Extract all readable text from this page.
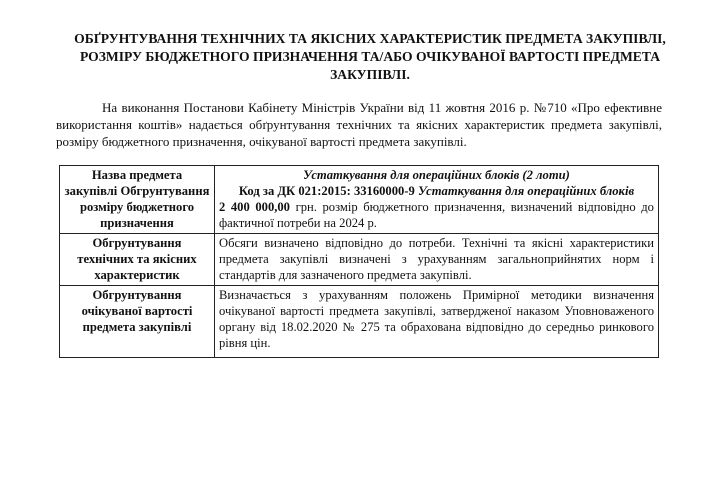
ОБҐРУНТУВАННЯ ТЕХНІЧНИХ ТА ЯКІСНИХ ХАРАКТЕРИСТИК ПРЕДМЕТА ЗАКУПІВЛІ, РОЗМІРУ БЮДЖЕТНОГО ПРИЗНАЧЕННЯ ТА/АБО ОЧІКУВАНОЇ ВАРТОСТІ ПРЕДМЕТА ЗАКУПІВЛІ.

На виконання Постанови Кабінету Міністрів України від 11 жовтня 2016 р. №710 «Про ефективне використання коштів» надається обґрунтування технічних та якісних характеристик предмета закупівлі, розміру бюджетного призначення, очікуваної вартості предмета закупівлі.

Назва предмета закупівлі Обгрунтування розміру бюджетного призначення	Устаткування для операційних блоків (2 лоти)
Код за ДК 021:2015: 33160000-9 Устаткування для операційних блоків
2 400 000,00 грн. розмір бюджетного призначення, визначений відповідно до фактичної потреби на 2024 р.
Обгрунтування технічних та якісних характеристик	Обсяги визначено відповідно до потреби. Технічні та якісні характеристики предмета закупівлі визначені з урахуванням загальноприйнятих норм і стандартів для зазначеного предмета закупівлі.
Обгрунтування очікуваної вартості предмета закупівлі	Визначається з урахуванням положень Примірної методики визначення очікуваної вартості предмета закупівлі, затвердженої наказом Уповноваженого органу від 18.02.2020 № 275 та обрахована відповідно до середньо ринкового рівня цін.
